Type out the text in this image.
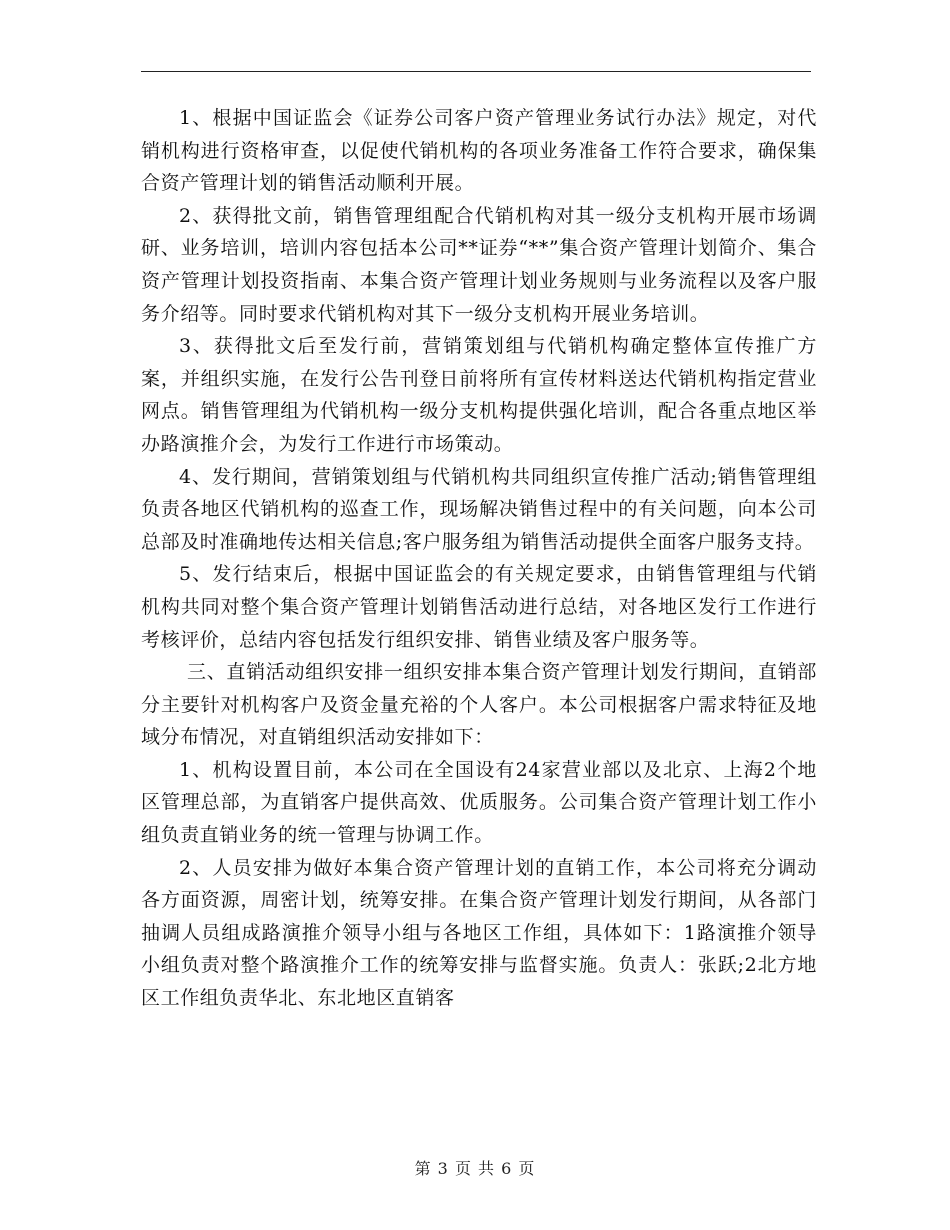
1、根据中国证监会《证券公司客户资产管理业务试行办法》规定，对代销机构进行资格审查，以促使代销机构的各项业务准备工作符合要求，确保集合资产管理计划的销售活动顺利开展。

2、获得批文前，销售管理组配合代销机构对其一级分支机构开展市场调研、业务培训，培训内容包括本公司**证券“**”集合资产管理计划简介、集合资产管理计划投资指南、本集合资产管理计划业务规则与业务流程以及客户服务介绍等。同时要求代销机构对其下一级分支机构开展业务培训。

3、获得批文后至发行前，营销策划组与代销机构确定整体宣传推广方案，并组织实施，在发行公告刊登日前将所有宣传材料送达代销机构指定营业网点。销售管理组为代销机构一级分支机构提供强化培训，配合各重点地区举办路演推介会，为发行工作进行市场策动。

4、发行期间，营销策划组与代销机构共同组织宣传推广活动;销售管理组负责各地区代销机构的巡查工作，现场解决销售过程中的有关问题，向本公司总部及时准确地传达相关信息;客户服务组为销售活动提供全面客户服务支持。

5、发行结束后，根据中国证监会的有关规定要求，由销售管理组与代销机构共同对整个集合资产管理计划销售活动进行总结，对各地区发行工作进行考核评价，总结内容包括发行组织安排、销售业绩及客户服务等。

三、直销活动组织安排一组织安排本集合资产管理计划发行期间，直销部分主要针对机构客户及资金量充裕的个人客户。本公司根据客户需求特征及地域分布情况，对直销组织活动安排如下：

1、机构设置目前，本公司在全国设有24家营业部以及北京、上海2个地区管理总部，为直销客户提供高效、优质服务。公司集合资产管理计划工作小组负责直销业务的统一管理与协调工作。

2、人员安排为做好本集合资产管理计划的直销工作，本公司将充分调动各方面资源，周密计划，统筹安排。在集合资产管理计划发行期间，从各部门抽调人员组成路演推介领导小组与各地区工作组，具体如下：1路演推介领导小组负责对整个路演推介工作的统筹安排与监督实施。负责人：张跃;2北方地区工作组负责华北、东北地区直销客

第 3 页 共 6 页
